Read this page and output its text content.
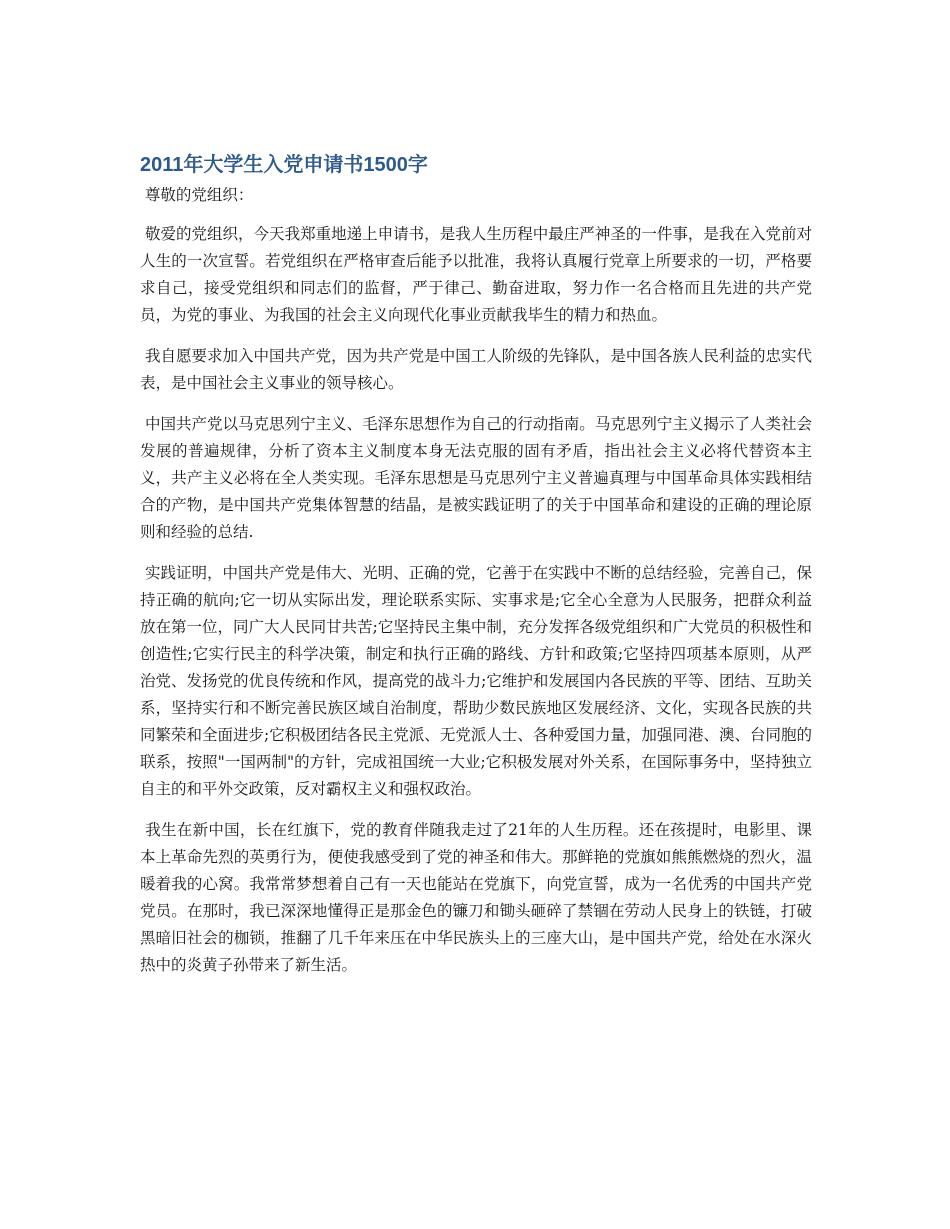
2011年大学生入党申请书1500字

尊敬的党组织：

敬爱的党组织，今天我郑重地递上申请书，是我人生历程中最庄严神圣的一件事，是我在入党前对人生的一次宣誓。若党组织在严格审查后能予以批准，我将认真履行党章上所要求的一切，严格要求自己，接受党组织和同志们的监督，严于律己、勤奋进取，努力作一名合格而且先进的共产党员，为党的事业、为我国的社会主义向现代化事业贡献我毕生的精力和热血。

我自愿要求加入中国共产党，因为共产党是中国工人阶级的先锋队，是中国各族人民利益的忠实代表，是中国社会主义事业的领导核心。

中国共产党以马克思列宁主义、毛泽东思想作为自己的行动指南。马克思列宁主义揭示了人类社会发展的普遍规律，分析了资本主义制度本身无法克服的固有矛盾，指出社会主义必将代替资本主义，共产主义必将在全人类实现。毛泽东思想是马克思列宁主义普遍真理与中国革命具体实践相结合的产物，是中国共产党集体智慧的结晶，是被实践证明了的关于中国革命和建设的正确的理论原则和经验的总结.

实践证明，中国共产党是伟大、光明、正确的党，它善于在实践中不断的总结经验，完善自己，保持正确的航向;它一切从实际出发，理论联系实际、实事求是;它全心全意为人民服务，把群众利益放在第一位，同广大人民同甘共苦;它坚持民主集中制，充分发挥各级党组织和广大党员的积极性和创造性;它实行民主的科学决策，制定和执行正确的路线、方针和政策;它坚持四项基本原则，从严治党、发扬党的优良传统和作风，提高党的战斗力;它维护和发展国内各民族的平等、团结、互助关系，坚持实行和不断完善民族区域自治制度，帮助少数民族地区发展经济、文化，实现各民族的共同繁荣和全面进步;它积极团结各民主党派、无党派人士、各种爱国力量，加强同港、澳、台同胞的联系，按照"一国两制"的方针，完成祖国统一大业;它积极发展对外关系，在国际事务中，坚持独立自主的和平外交政策，反对霸权主义和强权政治。

我生在新中国，长在红旗下，党的教育伴随我走过了21年的人生历程。还在孩提时，电影里、课本上革命先烈的英勇行为，便使我感受到了党的神圣和伟大。那鲜艳的党旗如熊熊燃烧的烈火，温暖着我的心窝。我常常梦想着自己有一天也能站在党旗下，向党宣誓，成为一名优秀的中国共产党党员。在那时，我已深深地懂得正是那金色的镰刀和锄头砸碎了禁锢在劳动人民身上的铁链，打破黑暗旧社会的枷锁，推翻了几千年来压在中华民族头上的三座大山，是中国共产党，给处在水深火热中的炎黄子孙带来了新生活。
